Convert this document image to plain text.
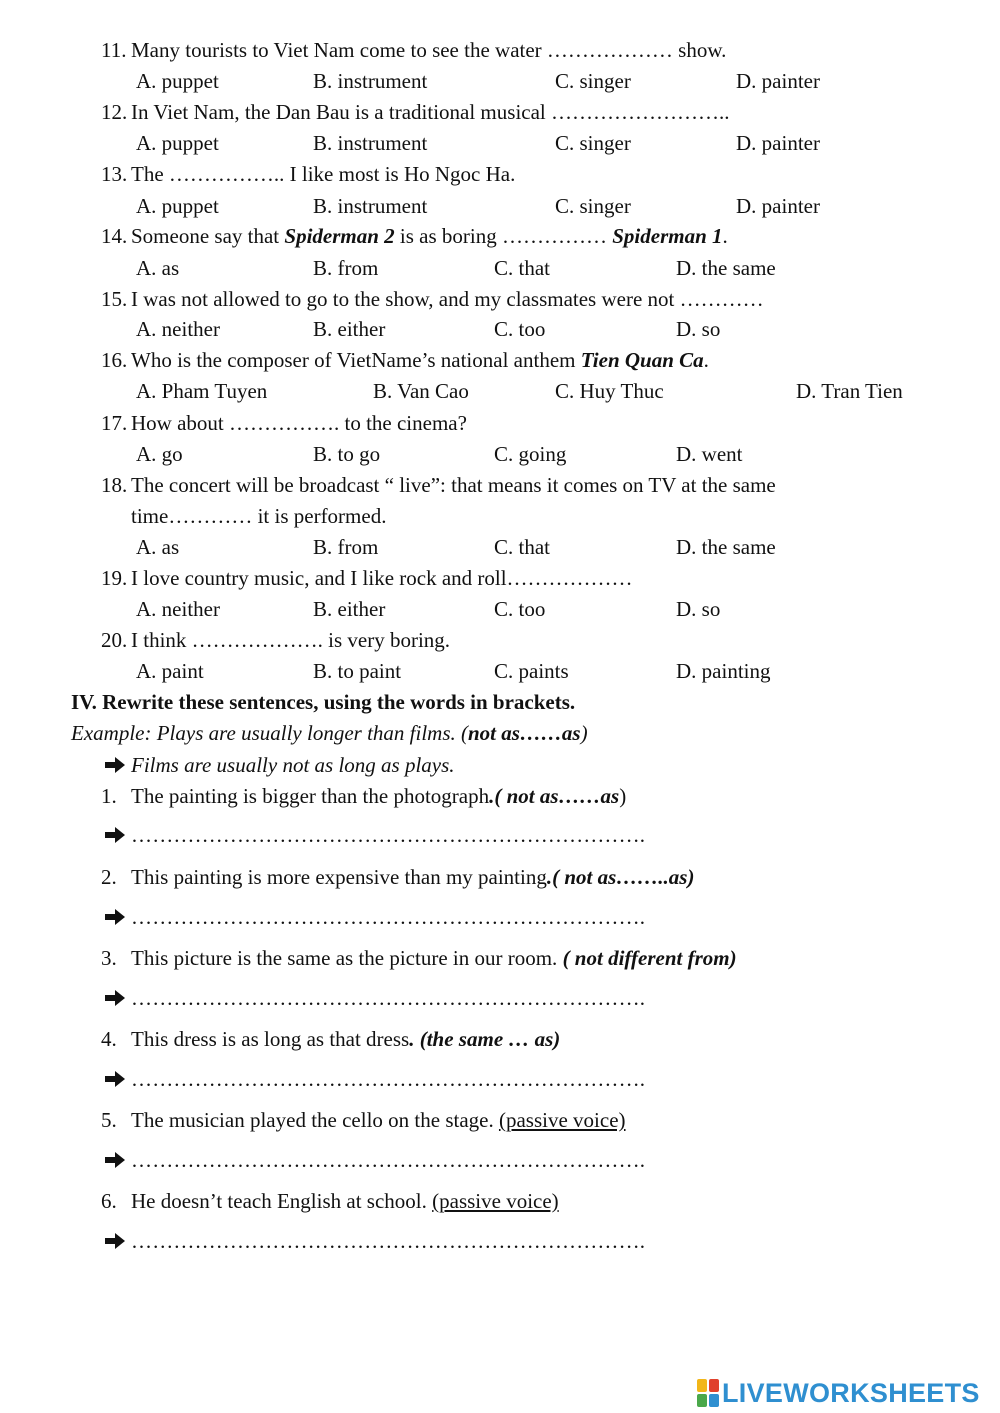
11. Many tourists to Viet Nam come to see the water ……………… show.
A. puppet	B. instrument	C. singer	D. painter
12. In Viet Nam, the Dan Bau is a traditional musical ……………………..
A. puppet	B. instrument	C. singer	D. painter
13. The …………….. I like most is Ho Ngoc Ha.
A. puppet	B. instrument	C. singer	D. painter
14. Someone say that Spiderman 2 is as boring …………… Spiderman 1.
A. as	B. from	C. that	D. the same
15. I was not allowed to go to the show, and my classmates were not …………
A. neither	B. either	C. too	D. so
16. Who is the composer of VietName’s national anthem Tien Quan Ca.
A. Pham Tuyen	B. Van Cao	C. Huy Thuc	D. Tran Tien
17. How about ……………. to the cinema?
A. go	B. to go	C. going	D. went
18. The concert will be broadcast “ live”: that means it comes on TV at the same
time………… it is performed.
A. as	B. from	C. that	D. the same
19. I love country music, and I like rock and roll………………
A. neither	B. either	C. too	D. so
20. I think ………………. is very boring.
A. paint	B. to paint	C. paints	D. painting
IV. Rewrite these sentences, using the words in brackets.
Example: Plays are usually longer than films. (not as……as)
Films are usually not as long as plays.
1. The painting is bigger than the photograph.( not as……as)
……………………………………………………………….
2. This painting is more expensive than my painting.( not as……..as)
……………………………………………………………….
3. This picture is the same as the picture in our room. ( not different from)
……………………………………………………………….
4. This dress is as long as that dress. (the same … as)
……………………………………………………………….
5. The musician played the cello on the stage. (passive voice)
……………………………………………………………….
6. He doesn’t teach English at school. (passive voice)
……………………………………………………………….
LIVEWORKSHEETS
